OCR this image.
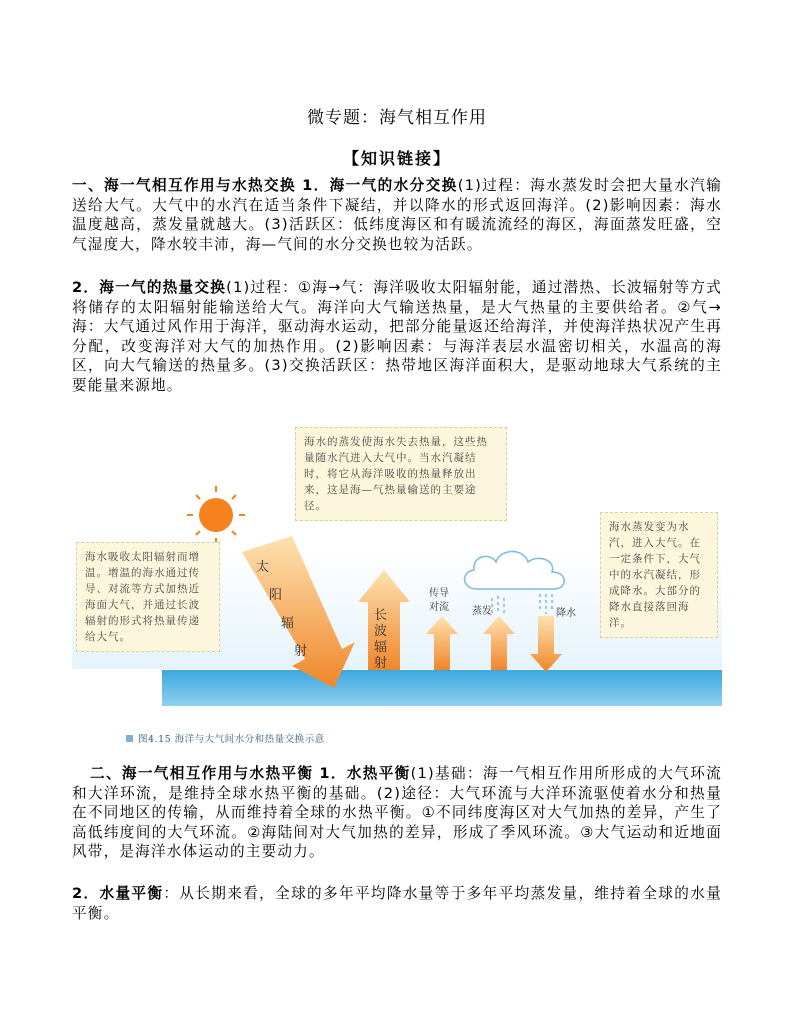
微专题：海气相互作用
【知识链接】
一、海一气相互作用与水热交换 1．海一气的水分交换(1)过程：海水蒸发时会把大量水汽输送给大气。大气中的水汽在适当条件下凝结，并以降水的形式返回海洋。(2)影响因素：海水温度越高，蒸发量就越大。(3)活跃区：低纬度海区和有暖流流经的海区，海面蒸发旺盛，空气湿度大，降水较丰沛，海—气间的水分交换也较为活跃。
2．海一气的热量交换(1)过程：①海→气：海洋吸收太阳辐射能，通过潜热、长波辐射等方式将储存的太阳辐射能输送给大气。海洋向大气输送热量，是大气热量的主要供给者。②气→海：大气通过风作用于海洋，驱动海水运动，把部分能量返还给海洋，并使海洋热状况产生再分配，改变海洋对大气的加热作用。(2)影响因素：与海洋表层水温密切相关，水温高的海区，向大气输送的热量多。(3)交换活跃区：热带地区海洋面积大，是驱动地球大气系统的主要能量来源地。
海水的蒸发使海水失去热量，这些热量随水汽进入大气中。当水汽凝结时，将它从海洋吸收的热量释放出来，这是海—气热量输送的主要途径。
海水吸收太阳辐射而增温。增温的海水通过传导、对流等方式加热近海面大气，并通过长波辐射的形式将热量传递给大气。
海水蒸发变为水汽，进入大气。在一定条件下，大气中的水汽凝结，形成降水。大部分的降水直接落回海洋。
太
阳
辐
射
长
波
辐
射
传导
对流 蒸发	降水
图4.15 海洋与大气间水分和热量交换示意
二、海一气相互作用与水热平衡 1．水热平衡(1)基础：海一气相互作用所形成的大气环流和大洋环流，是维持全球水热平衡的基础。(2)途径：大气环流与大洋环流驱使着水分和热量在不同地区的传输，从而维持着全球的水热平衡。①不同纬度海区对大气加热的差异，产生了高低纬度间的大气环流。②海陆间对大气加热的差异，形成了季风环流。③大气运动和近地面风带，是海洋水体运动的主要动力。
2．水量平衡：从长期来看，全球的多年平均降水量等于多年平均蒸发量，维持着全球的水量平衡。
